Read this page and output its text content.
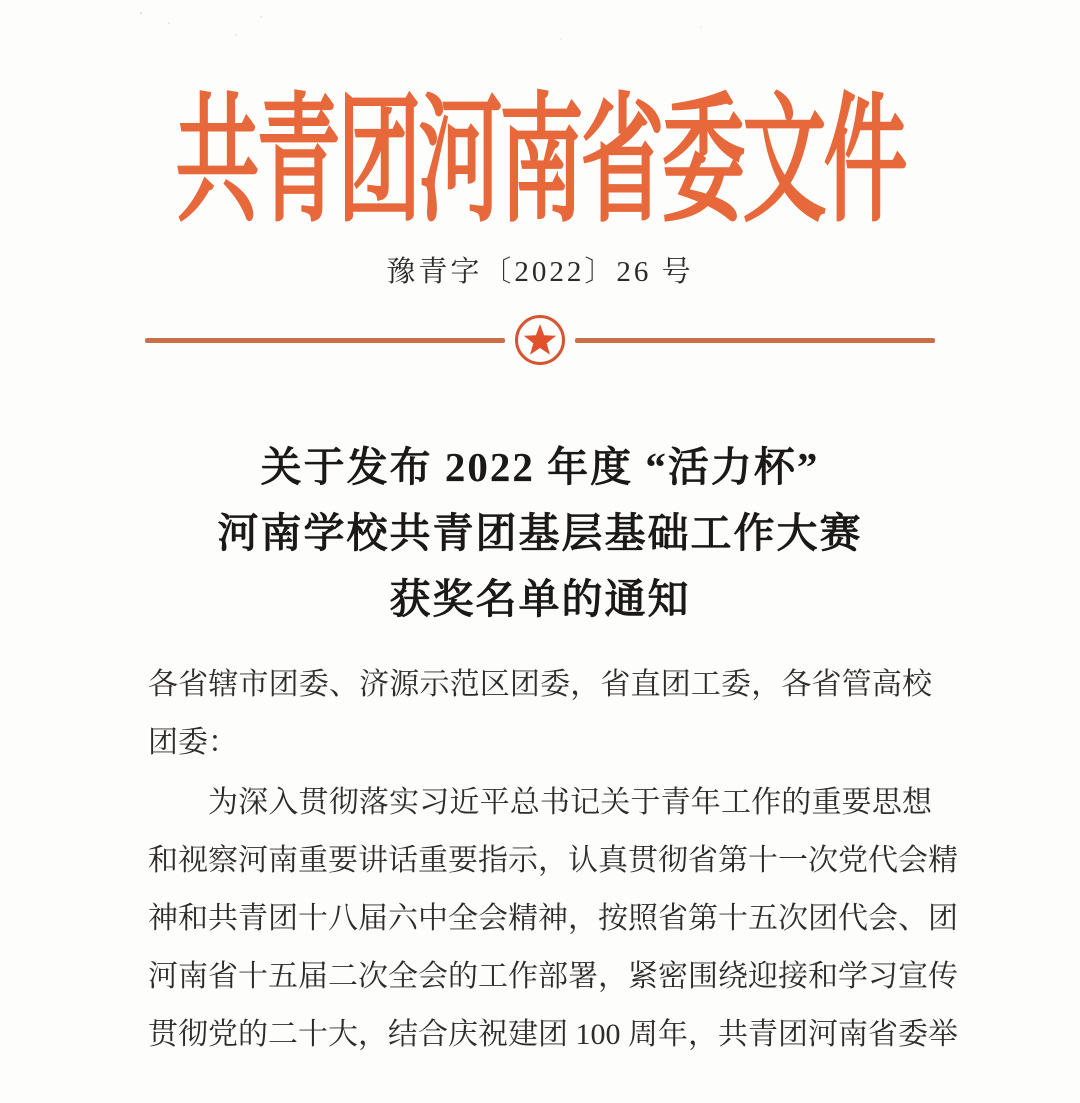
共青团河南省委文件
豫青字〔2022〕26 号
关于发布 2022 年度 “活力杯”
河南学校共青团基层基础工作大赛
获奖名单的通知
各省辖市团委、济源示范区团委，省直团工委，各省管高校
团委：
为深入贯彻落实习近平总书记关于青年工作的重要思想
和视察河南重要讲话重要指示，认真贯彻省第十一次党代会精
神和共青团十八届六中全会精神，按照省第十五次团代会、团
河南省十五届二次全会的工作部署，紧密围绕迎接和学习宣传
贯彻党的二十大，结合庆祝建团 100 周年，共青团河南省委举
